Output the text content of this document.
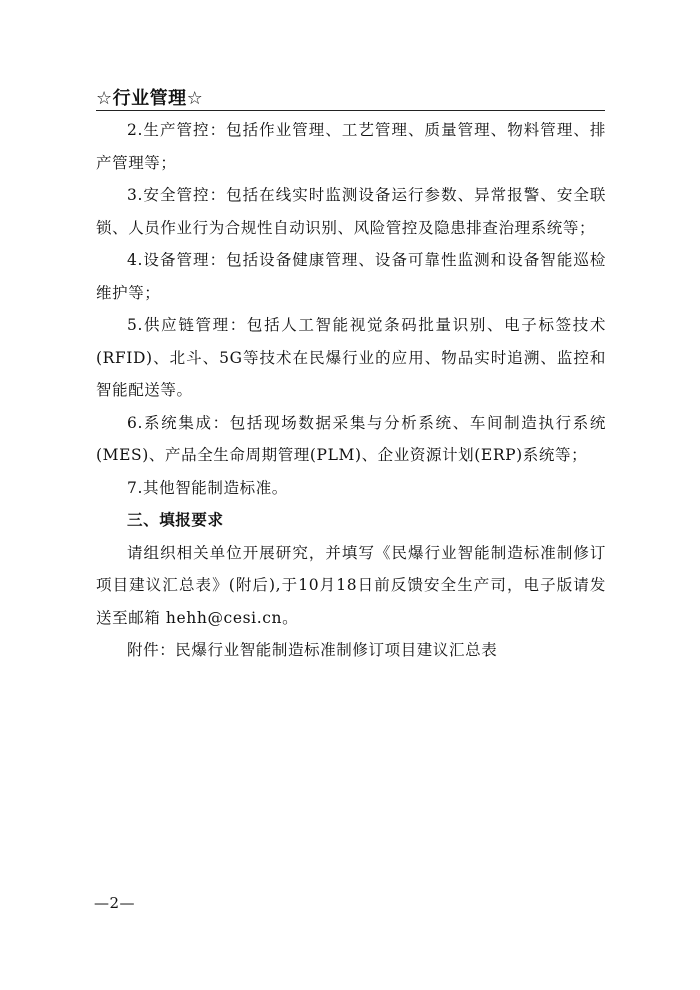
☆行业管理☆

2.生产管控：包括作业管理、工艺管理、质量管理、物料管理、排产管理等；

3.安全管控：包括在线实时监测设备运行参数、异常报警、安全联锁、人员作业行为合规性自动识别、风险管控及隐患排查治理系统等；

4.设备管理：包括设备健康管理、设备可靠性监测和设备智能巡检维护等；

5.供应链管理：包括人工智能视觉条码批量识别、电子标签技术(RFID)、北斗、5G等技术在民爆行业的应用、物品实时追溯、监控和智能配送等。

6.系统集成：包括现场数据采集与分析系统、车间制造执行系统(MES)、产品全生命周期管理(PLM)、企业资源计划(ERP)系统等；

7.其他智能制造标准。

三、填报要求

请组织相关单位开展研究，并填写《民爆行业智能制造标准制修订项目建议汇总表》(附后),于10月18日前反馈安全生产司，电子版请发送至邮箱 hehh@cesi.cn。

附件：民爆行业智能制造标准制修订项目建议汇总表

—2—
